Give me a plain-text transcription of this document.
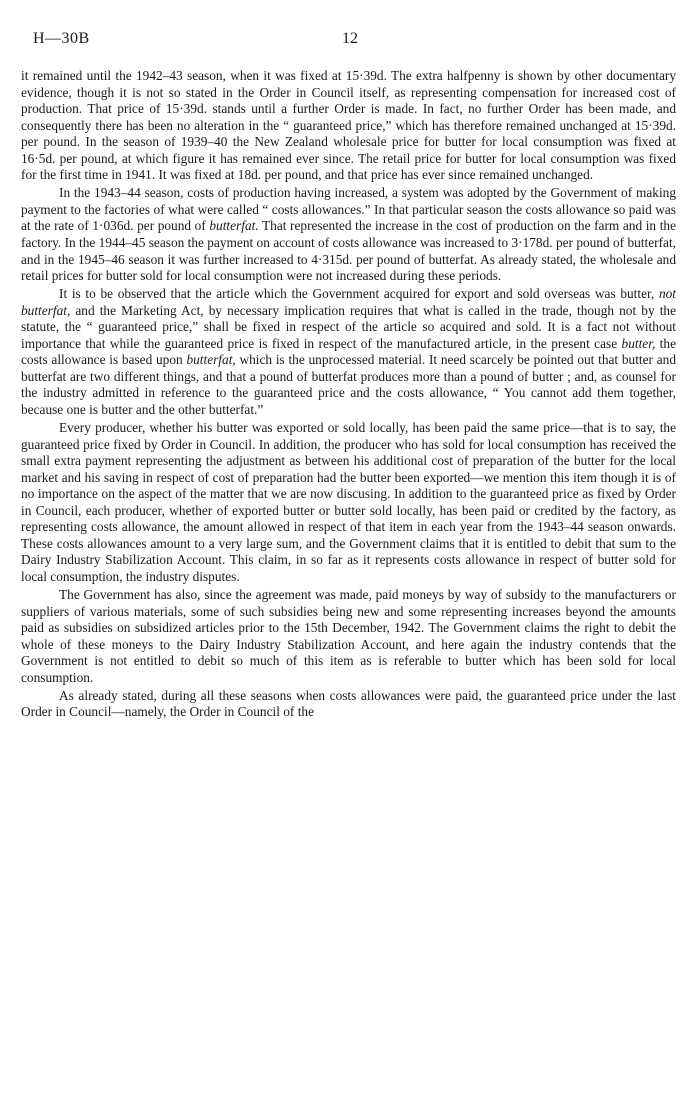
H—30B	12

it remained until the 1942–43 season, when it was fixed at 15·39d. The extra halfpenny is shown by other documentary evidence, though it is not so stated in the Order in Council itself, as representing compensation for increased cost of production. That price of 15·39d. stands until a further Order is made. In fact, no further Order has been made, and consequently there has been no alteration in the “ guaranteed price,” which has therefore remained unchanged at 15·39d. per pound. In the season of 1939–40 the New Zealand wholesale price for butter for local consumption was fixed at 16·5d. per pound, at which figure it has remained ever since. The retail price for butter for local consumption was fixed for the first time in 1941. It was fixed at 18d. per pound, and that price has ever since remained unchanged.

In the 1943–44 season, costs of production having increased, a system was adopted by the Government of making payment to the factories of what were called “ costs allowances.” In that particular season the costs allowance so paid was at the rate of 1·036d. per pound of butterfat. That represented the increase in the cost of production on the farm and in the factory. In the 1944–45 season the payment on account of costs allowance was increased to 3·178d. per pound of butterfat, and in the 1945–46 season it was further increased to 4·315d. per pound of butterfat. As already stated, the wholesale and retail prices for butter sold for local consumption were not increased during these periods.

It is to be observed that the article which the Government acquired for export and sold overseas was butter, not butterfat, and the Marketing Act, by necessary implication requires that what is called in the trade, though not by the statute, the “ guaranteed price,” shall be fixed in respect of the article so acquired and sold. It is a fact not without importance that while the guaranteed price is fixed in respect of the manufactured article, in the present case butter, the costs allowance is based upon butterfat, which is the unprocessed material. It need scarcely be pointed out that butter and butterfat are two different things, and that a pound of butterfat produces more than a pound of butter ; and, as counsel for the industry admitted in reference to the guaranteed price and the costs allowance, “ You cannot add them together, because one is butter and the other butterfat.”

Every producer, whether his butter was exported or sold locally, has been paid the same price—that is to say, the guaranteed price fixed by Order in Council. In addition, the producer who has sold for local consumption has received the small extra payment representing the adjustment as between his additional cost of preparation of the butter for the local market and his saving in respect of cost of preparation had the butter been exported—we mention this item though it is of no importance on the aspect of the matter that we are now discusing. In addition to the guaranteed price as fixed by Order in Council, each producer, whether of exported butter or butter sold locally, has been paid or credited by the factory, as representing costs allowance, the amount allowed in respect of that item in each year from the 1943–44 season onwards. These costs allowances amount to a very large sum, and the Government claims that it is entitled to debit that sum to the Dairy Industry Stabilization Account. This claim, in so far as it represents costs allowance in respect of butter sold for local consumption, the industry disputes.

The Government has also, since the agreement was made, paid moneys by way of subsidy to the manufacturers or suppliers of various materials, some of such subsidies being new and some representing increases beyond the amounts paid as subsidies on subsidized articles prior to the 15th December, 1942. The Government claims the right to debit the whole of these moneys to the Dairy Industry Stabilization Account, and here again the industry contends that the Government is not entitled to debit so much of this item as is referable to butter which has been sold for local consumption.

As already stated, during all these seasons when costs allowances were paid, the guaranteed price under the last Order in Council—namely, the Order in Council of the
